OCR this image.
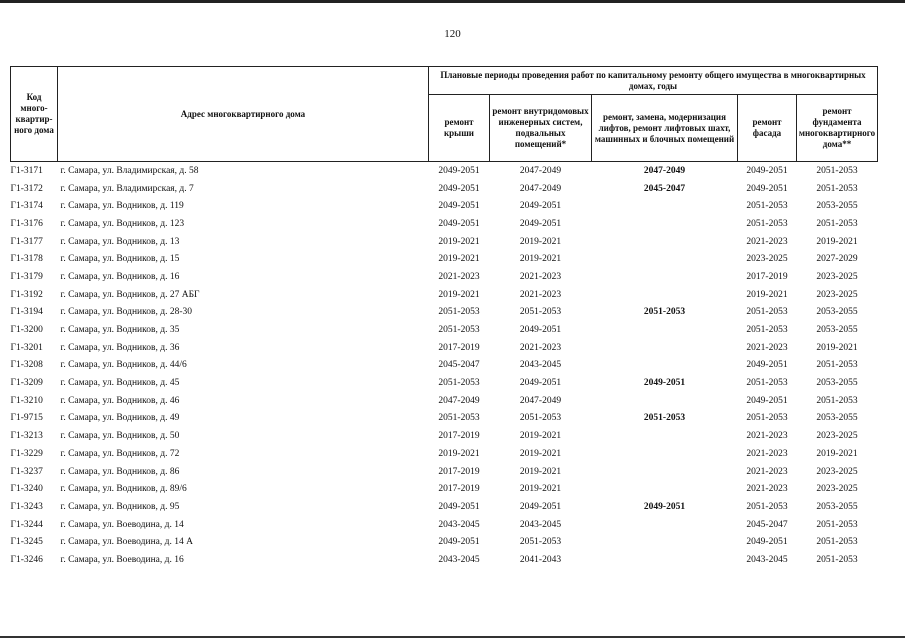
120
Код много-квартир-ного дома	Адрес многоквартирного дома	Плановые периоды проведения работ по капитальному ремонту общего имущества в многоквартирных домах, годы				
		ремонт крыши	ремонт внутридомовых инженерных систем, подвальных помещений*	ремонт, замена, модернизация лифтов, ремонт лифтовых шахт, машинных и блочных помещений	ремонт фасада	ремонт фундамента многоквартирного дома**
Г1-3171	г. Самара, ул. Владимирская, д. 58	2049-2051	2047-2049	2047-2049	2049-2051	2051-2053
Г1-3172	г. Самара, ул. Владимирская, д. 7	2049-2051	2047-2049	2045-2047	2049-2051	2051-2053
Г1-3174	г. Самара, ул. Водников, д. 119	2049-2051	2049-2051		2051-2053	2053-2055
Г1-3176	г. Самара, ул. Водников, д. 123	2049-2051	2049-2051		2051-2053	2051-2053
Г1-3177	г. Самара, ул. Водников, д. 13	2019-2021	2019-2021		2021-2023	2019-2021
Г1-3178	г. Самара, ул. Водников, д. 15	2019-2021	2019-2021		2023-2025	2027-2029
Г1-3179	г. Самара, ул. Водников, д. 16	2021-2023	2021-2023		2017-2019	2023-2025
Г1-3192	г. Самара, ул. Водников, д. 27 АБГ	2019-2021	2021-2023		2019-2021	2023-2025
Г1-3194	г. Самара, ул. Водников, д. 28-30	2051-2053	2051-2053	2051-2053	2051-2053	2053-2055
Г1-3200	г. Самара, ул. Водников, д. 35	2051-2053	2049-2051		2051-2053	2053-2055
Г1-3201	г. Самара, ул. Водников, д. 36	2017-2019	2021-2023		2021-2023	2019-2021
Г1-3208	г. Самара, ул. Водников, д. 44/6	2045-2047	2043-2045		2049-2051	2051-2053
Г1-3209	г. Самара, ул. Водников, д. 45	2051-2053	2049-2051	2049-2051	2051-2053	2053-2055
Г1-3210	г. Самара, ул. Водников, д. 46	2047-2049	2047-2049		2049-2051	2051-2053
Г1-9715	г. Самара, ул. Водников, д. 49	2051-2053	2051-2053	2051-2053	2051-2053	2053-2055
Г1-3213	г. Самара, ул. Водников, д. 50	2017-2019	2019-2021		2021-2023	2023-2025
Г1-3229	г. Самара, ул. Водников, д. 72	2019-2021	2019-2021		2021-2023	2019-2021
Г1-3237	г. Самара, ул. Водников, д. 86	2017-2019	2019-2021		2021-2023	2023-2025
Г1-3240	г. Самара, ул. Водников, д. 89/6	2017-2019	2019-2021		2021-2023	2023-2025
Г1-3243	г. Самара, ул. Водников, д. 95	2049-2051	2049-2051	2049-2051	2051-2053	2053-2055
Г1-3244	г. Самара, ул. Воеводина, д. 14	2043-2045	2043-2045		2045-2047	2051-2053
Г1-3245	г. Самара, ул. Воеводина, д. 14 А	2049-2051	2051-2053		2049-2051	2051-2053
Г1-3246	г. Самара, ул. Воеводина, д. 16	2043-2045	2041-2043		2043-2045	2051-2053
